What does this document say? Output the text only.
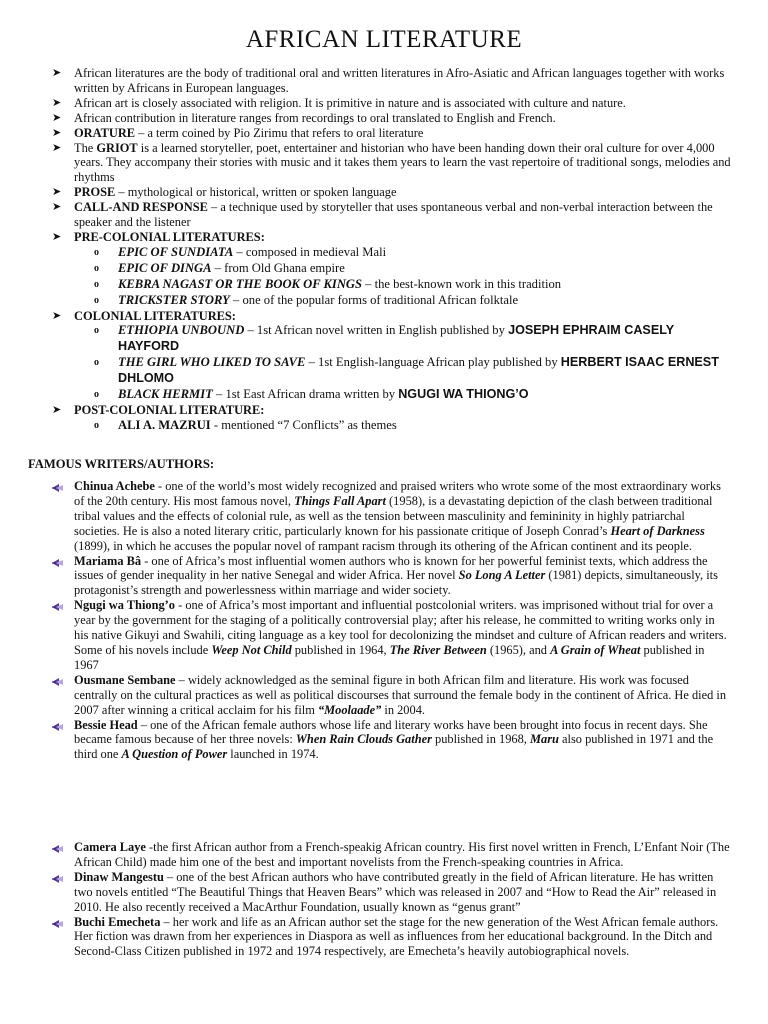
AFRICAN LITERATURE
➤ African literatures are the body of traditional oral and written literatures in Afro-Asiatic and African languages together with works written by Africans in European languages.
➤ African art is closely associated with religion. It is primitive in nature and is associated with culture and nature.
➤ African contribution in literature ranges from recordings to oral translated to English and French.
➤ ORATURE – a term coined by Pio Zirimu that refers to oral literature
➤ The GRIOT is a learned storyteller, poet, entertainer and historian who have been handing down their oral culture for over 4,000 years. They accompany their stories with music and it takes them years to learn the vast repertoire of traditional songs, melodies and rhythms
➤ PROSE – mythological or historical, written or spoken language
➤ CALL-AND RESPONSE – a technique used by storyteller that uses spontaneous verbal and non-verbal interaction between the speaker and the listener
➤ PRE-COLONIAL LITERATURES:
o EPIC OF SUNDIATA – composed in medieval Mali
o EPIC OF DINGA – from Old Ghana empire
o KEBRA NAGAST OR THE BOOK OF KINGS – the best-known work in this tradition
o TRICKSTER STORY – one of the popular forms of traditional African folktale
➤ COLONIAL LITERATURES:
o ETHIOPIA UNBOUND – 1st African novel written in English published by JOSEPH EPHRAIM CASELY HAYFORD
o THE GIRL WHO LIKED TO SAVE – 1st English-language African play published by HERBERT ISAAC ERNEST DHLOMO
o BLACK HERMIT – 1st East African drama written by NGUGI WA THIONG’O
➤ POST-COLONIAL LITERATURE:
o ALI A. MAZRUI - mentioned “7 Conflicts” as themes

FAMOUS WRITERS/AUTHORS:

Chinua Achebe - one of the world’s most widely recognized and praised writers who wrote some of the most extraordinary works of the 20th century. His most famous novel, Things Fall Apart (1958), is a devastating depiction of the clash between traditional tribal values and the effects of colonial rule, as well as the tension between masculinity and femininity in highly patriarchal societies. He is also a noted literary critic, particularly known for his passionate critique of Joseph Conrad’s Heart of Darkness (1899), in which he accuses the popular novel of rampant racism through its othering of the African continent and its people.
Mariama Bâ - one of Africa’s most influential women authors who is known for her powerful feminist texts, which address the issues of gender inequality in her native Senegal and wider Africa. Her novel So Long A Letter (1981) depicts, simultaneously, its protagonist’s strength and powerlessness within marriage and wider society.
Ngugi wa Thiong’o - one of Africa’s most important and influential postcolonial writers. was imprisoned without trial for over a year by the government for the staging of a politically controversial play; after his release, he committed to writing works only in his native Gikuyi and Swahili, citing language as a key tool for decolonizing the mindset and culture of African readers and writers. Some of his novels include Weep Not Child published in 1964, The River Between (1965), and A Grain of Wheat published in 1967
Ousmane Sembane – widely acknowledged as the seminal figure in both African film and literature. His work was focused centrally on the cultural practices as well as political discourses that surround the female body in the continent of Africa. He died in 2007 after winning a critical acclaim for his film “Moolaade” in 2004.
Bessie Head – one of the African female authors whose life and literary works have been brought into focus in recent days. She became famous because of her three novels: When Rain Clouds Gather published in 1968, Maru also published in 1971 and the third one A Question of Power launched in 1974.
Camera Laye -the first African author from a French-speakig African country. His first novel written in French, L’Enfant Noir (The African Child) made him one of the best and important novelists from the French-speaking countries in Africa.
Dinaw Mangestu – one of the best African authors who have contributed greatly in the field of African literature. He has written two novels entitled “The Beautiful Things that Heaven Bears” which was released in 2007 and “How to Read the Air” released in 2010. He also recently received a MacArthur Foundation, usually known as “genus grant”
Buchi Emecheta – her work and life as an African author set the stage for the new generation of the West African female authors. Her fiction was drawn from her experiences in Diaspora as well as influences from her educational background. In the Ditch and Second-Class Citizen published in 1972 and 1974 respectively, are Emecheta’s heavily autobiographical novels.
